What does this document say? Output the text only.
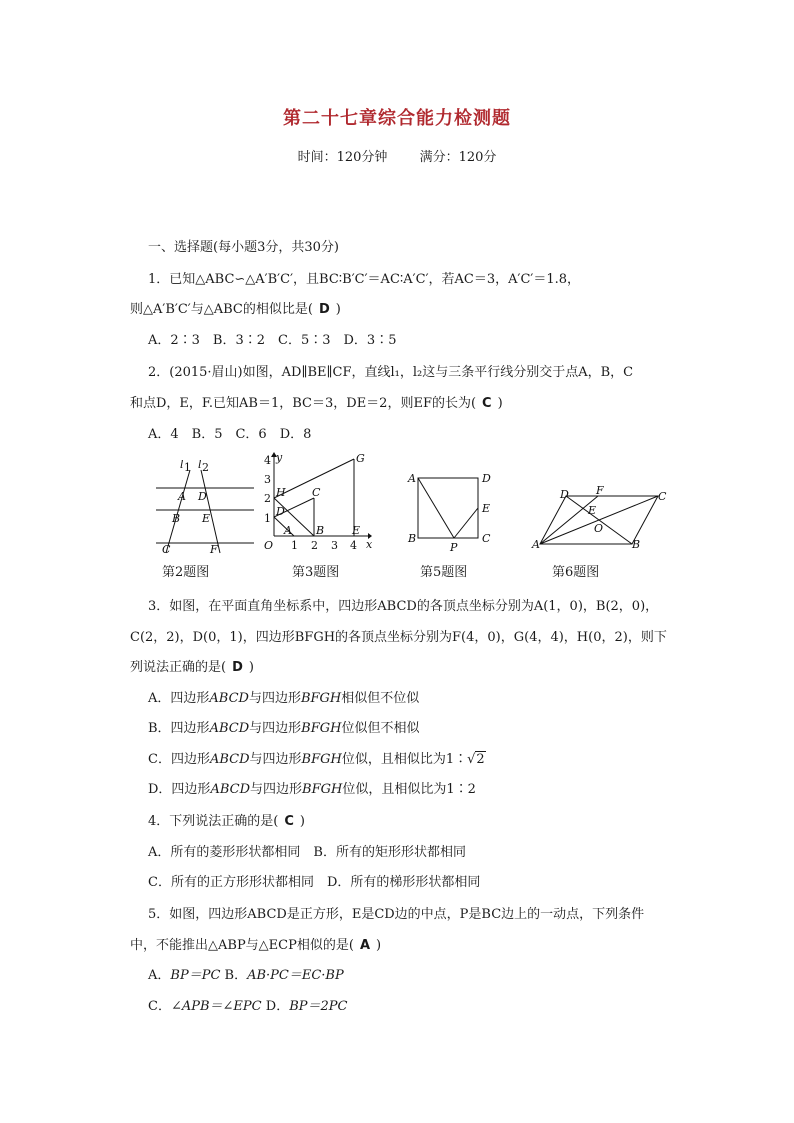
第二十七章综合能力检测题
时间：120分钟 满分：120分
一、选择题(每小题3分，共30分)
1．已知△ABC∽△A′B′C′，且BC∶B′C′＝AC∶A′C′，若AC＝3，A′C′＝1.8，
则△A′B′C′与△ABC的相似比是( D )
A．2∶3　B．3∶2　C．5∶3　D．3∶5
2．(2015·眉山)如图，AD∥BE∥CF，直线l₁，l₂这与三条平行线分别交于点A，B，C
和点D，E，F.已知AB＝1，BC＝3，DE＝2，则EF的长为( C )
A．4　B．5　C．6　D．8
l 1 l 2
A D
B E
C	F
第2题图
y
x
O 1 2 3 4
1
2
3
4
A B
C
D
E
G
H
第3题图
A	D
E
B	C
P
第5题图
A	B
C
D F
E
O
第6题图
3．如图，在平面直角坐标系中，四边形ABCD的各顶点坐标分别为A(1，0)，B(2，0)，
C(2，2)，D(0，1)，四边形BFGH的各顶点坐标分别为F(4，0)，G(4，4)，H(0，2)，则下
列说法正确的是( D )
A．四边形ABCD与四边形BFGH相似但不位似
B．四边形ABCD与四边形BFGH位似但不相似
C．四边形ABCD与四边形BFGH位似，且相似比为1∶√2
D．四边形ABCD与四边形BFGH位似，且相似比为1∶2
4．下列说法正确的是( C )
A．所有的菱形形状都相同　B．所有的矩形形状都相同
C．所有的正方形形状都相同　D．所有的梯形形状都相同
5．如图，四边形ABCD是正方形，E是CD边的中点，P是BC边上的一动点，下列条件
中，不能推出△ABP与△ECP相似的是( A )
A．BP＝PC B．AB·PC＝EC·BP
C．∠APB＝∠EPC D．BP＝2PC
